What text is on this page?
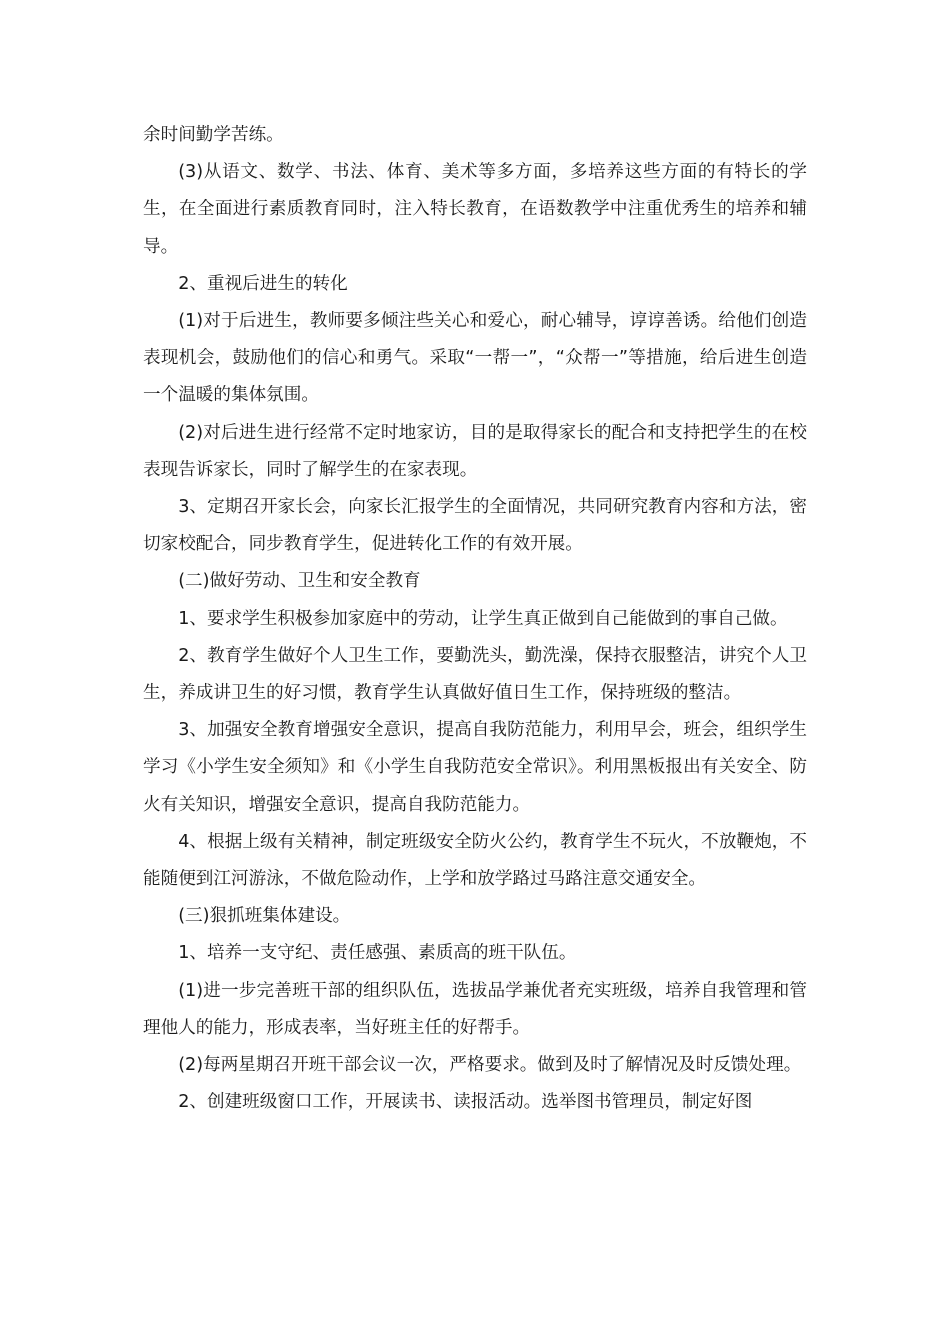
余时间勤学苦练。

(3)从语文、数学、书法、体育、美术等多方面，多培养这些方面的有特长的学生，在全面进行素质教育同时，注入特长教育，在语数教学中注重优秀生的培养和辅导。

2、重视后进生的转化

(1)对于后进生，教师要多倾注些关心和爱心，耐心辅导，谆谆善诱。给他们创造表现机会，鼓励他们的信心和勇气。采取“一帮一”，“众帮一”等措施，给后进生创造一个温暖的集体氛围。

(2)对后进生进行经常不定时地家访，目的是取得家长的配合和支持把学生的在校表现告诉家长，同时了解学生的在家表现。

3、定期召开家长会，向家长汇报学生的全面情况，共同研究教育内容和方法，密切家校配合，同步教育学生，促进转化工作的有效开展。

(二)做好劳动、卫生和安全教育

1、要求学生积极参加家庭中的劳动，让学生真正做到自己能做到的事自己做。

2、教育学生做好个人卫生工作，要勤洗头，勤洗澡，保持衣服整洁，讲究个人卫生，养成讲卫生的好习惯，教育学生认真做好值日生工作，保持班级的整洁。

3、加强安全教育增强安全意识，提高自我防范能力，利用早会，班会，组织学生学习《小学生安全须知》和《小学生自我防范安全常识》。利用黑板报出有关安全、防火有关知识，增强安全意识，提高自我防范能力。

4、根据上级有关精神，制定班级安全防火公约，教育学生不玩火，不放鞭炮，不能随便到江河游泳，不做危险动作，上学和放学路过马路注意交通安全。

(三)狠抓班集体建设。

1、培养一支守纪、责任感强、素质高的班干队伍。

(1)进一步完善班干部的组织队伍，选拔品学兼优者充实班级，培养自我管理和管理他人的能力，形成表率，当好班主任的好帮手。

(2)每两星期召开班干部会议一次，严格要求。做到及时了解情况及时反馈处理。

2、创建班级窗口工作，开展读书、读报活动。选举图书管理员，制定好图
